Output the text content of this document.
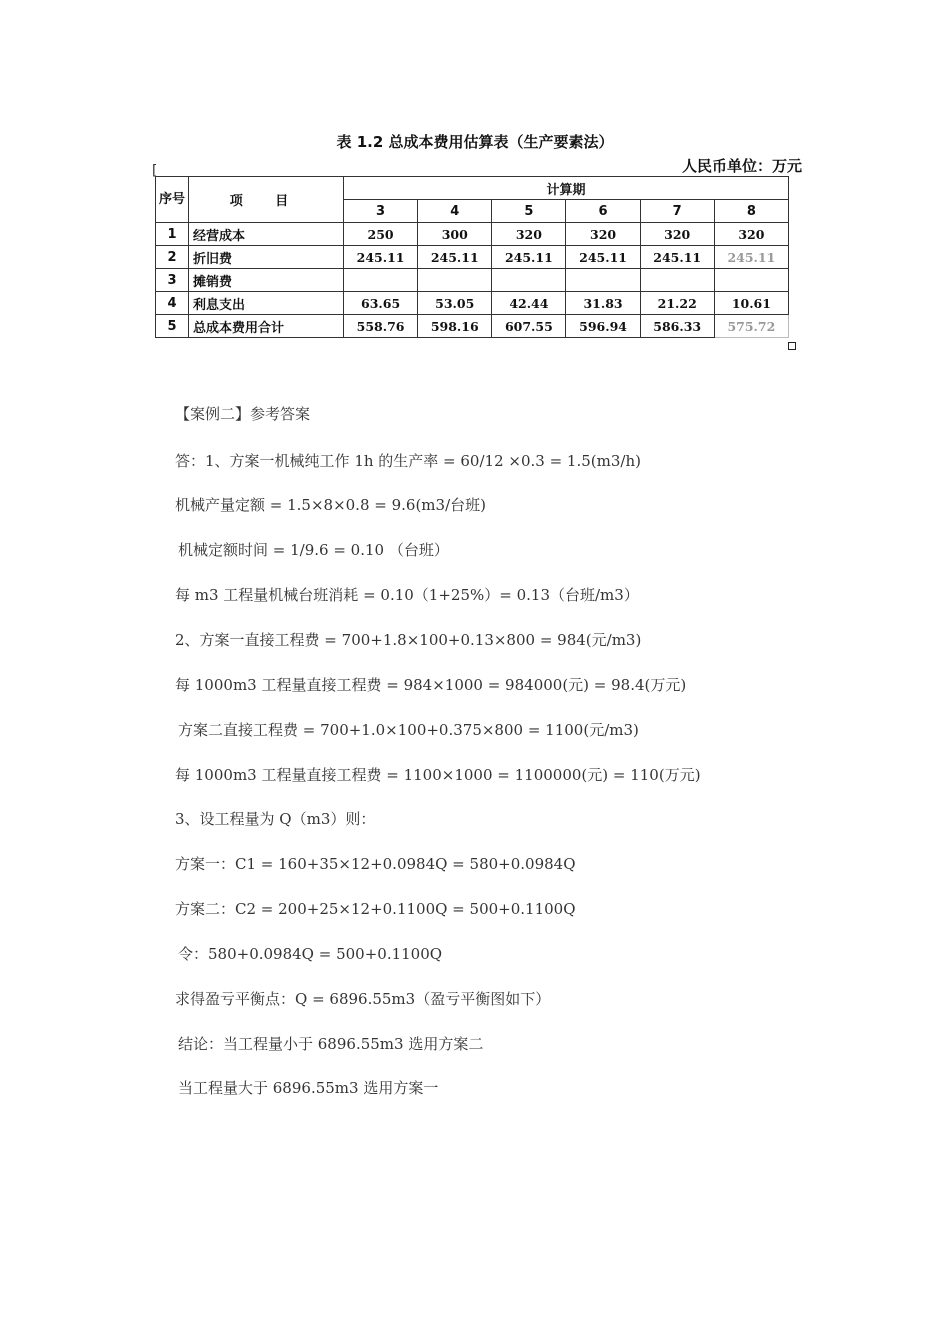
表 1.2 总成本费用估算表（生产要素法）
[	人民币单位：万元
序号	项 目	计算期					
		3	4	5	6	7	8
1	经营成本	250	300	320	320	320	320
2	折旧费	245.11	245.11	245.11	245.11	245.11	245.11
3	摊销费						
4	利息支出	63.65	53.05	42.44	31.83	21.22	10.61
5	总成本费用合计	558.76	598.16	607.55	596.94	586.33	575.72
【案例二】参考答案
答：1、方案一机械纯工作 1h 的生产率 = 60/12 ×0.3 = 1.5(m3/h)
机械产量定额 = 1.5×8×0.8 = 9.6(m3/台班)
机械定额时间 = 1/9.6 = 0.10 （台班）
每 m3 工程量机械台班消耗 = 0.10（1+25%）= 0.13（台班/m3）
2、方案一直接工程费 = 700+1.8×100+0.13×800 = 984(元/m3)
每 1000m3 工程量直接工程费 = 984×1000 = 984000(元) = 98.4(万元)
方案二直接工程费 = 700+1.0×100+0.375×800 = 1100(元/m3)
每 1000m3 工程量直接工程费 = 1100×1000 = 1100000(元) = 110(万元)
3、设工程量为 Q（m3）则：
方案一：C1 = 160+35×12+0.0984Q = 580+0.0984Q
方案二：C2 = 200+25×12+0.1100Q = 500+0.1100Q
令：580+0.0984Q = 500+0.1100Q
求得盈亏平衡点：Q = 6896.55m3（盈亏平衡图如下）
结论：当工程量小于 6896.55m3 选用方案二
当工程量大于 6896.55m3 选用方案一
